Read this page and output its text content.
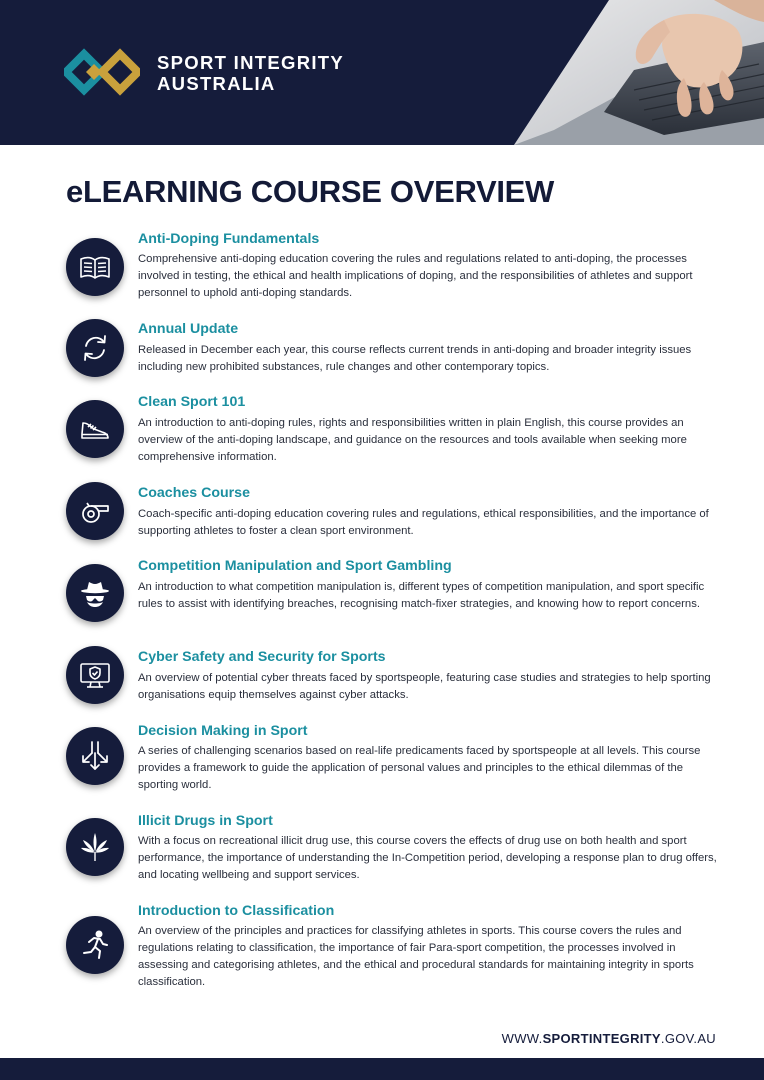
SPORT INTEGRITY
AUSTRALIA
eLEARNING COURSE OVERVIEW
Anti-Doping Fundamentals
Comprehensive anti-doping education covering the rules and regulations related to anti-doping, the processes involved in testing, the ethical and health implications of doping, and the responsibilities of athletes and support personnel to uphold anti-doping standards.
Annual Update
Released in December each year, this course reflects current trends in anti-doping and broader integrity issues including new prohibited substances, rule changes and other contemporary topics.
Clean Sport 101
An introduction to anti-doping rules, rights and responsibilities written in plain English, this course provides an overview of the anti-doping landscape, and guidance on the resources and tools available when seeking more comprehensive information.
Coaches Course
Coach-specific anti-doping education covering rules and regulations, ethical responsibilities, and the importance of supporting athletes to foster a clean sport environment.
Competition Manipulation and Sport Gambling
An introduction to what competition manipulation is, different types of competition manipulation, and sport specific rules to assist with identifying breaches, recognising match-fixer strategies, and knowing how to report concerns.
Cyber Safety and Security for Sports
An overview of potential cyber threats faced by sportspeople, featuring case studies and strategies to help sporting organisations equip themselves against cyber attacks.
Decision Making in Sport
A series of challenging scenarios based on real-life predicaments faced by sportspeople at all levels. This course provides a framework to guide the application of personal values and principles to the ethical dilemmas of the sporting world.
Illicit Drugs in Sport
With a focus on recreational illicit drug use, this course covers the effects of drug use on both health and sport performance, the importance of understanding the In-Competition period, developing a response plan to drug offers, and locating wellbeing and support services.
Introduction to Classification
An overview of the principles and practices for classifying athletes in sports. This course covers the rules and regulations relating to classification, the importance of fair Para-sport competition, the processes involved in assessing and categorising athletes, and the ethical and procedural standards for maintaining integrity in sports classification.
WWW.SPORTINTEGRITY.GOV.AU
